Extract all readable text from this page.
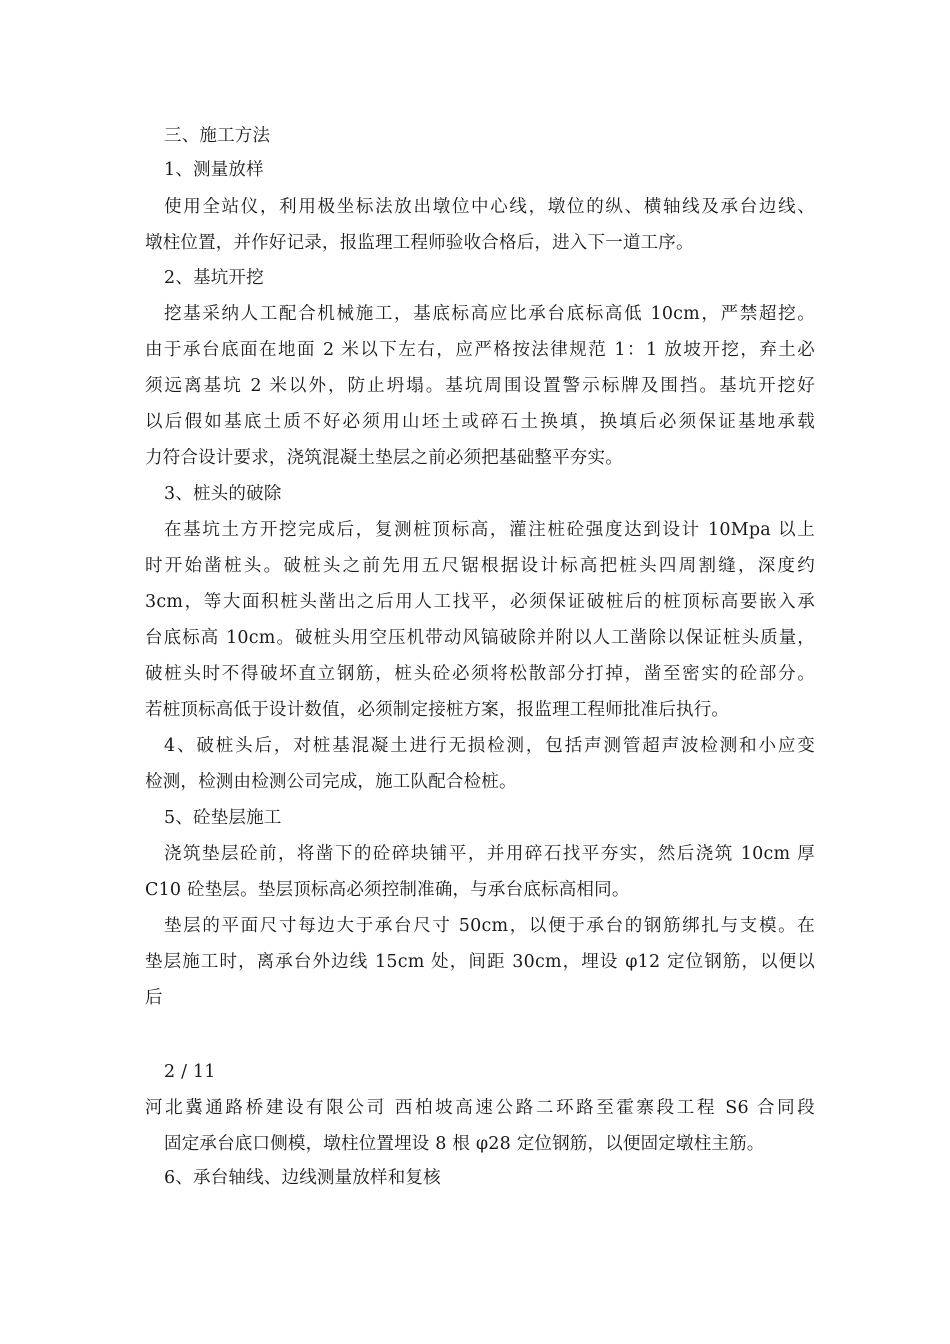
三、施工方法
1、测量放样
使用全站仪，利用极坐标法放出墩位中心线，墩位的纵、横轴线及承台边线、
墩柱位置，并作好记录，报监理工程师验收合格后，进入下一道工序。
2、基坑开挖
挖基采纳人工配合机械施工，基底标高应比承台底标高低 10cm，严禁超挖。
由于承台底面在地面 2 米以下左右，应严格按法律规范 1：1 放坡开挖，弃土必
须远离基坑 2 米以外，防止坍塌。基坑周围设置警示标牌及围挡。基坑开挖好
以后假如基底土质不好必须用山坯土或碎石土换填，换填后必须保证基地承载
力符合设计要求，浇筑混凝土垫层之前必须把基础整平夯实。
3、桩头的破除
在基坑土方开挖完成后，复测桩顶标高，灌注桩砼强度达到设计 10Mpa 以上
时开始凿桩头。破桩头之前先用五尺锯根据设计标高把桩头四周割缝，深度约
3cm，等大面积桩头凿出之后用人工找平，必须保证破桩后的桩顶标高要嵌入承
台底标高 10cm。破桩头用空压机带动风镐破除并附以人工凿除以保证桩头质量，
破桩头时不得破坏直立钢筋，桩头砼必须将松散部分打掉，凿至密实的砼部分。
若桩顶标高低于设计数值，必须制定接桩方案，报监理工程师批准后执行。
4、破桩头后，对桩基混凝土进行无损检测，包括声测管超声波检测和小应变
检测，检测由检测公司完成，施工队配合检桩。
5、砼垫层施工
浇筑垫层砼前，将凿下的砼碎块铺平，并用碎石找平夯实，然后浇筑 10cm 厚
C10 砼垫层。垫层顶标高必须控制准确，与承台底标高相同。
垫层的平面尺寸每边大于承台尺寸 50cm，以便于承台的钢筋绑扎与支模。在
垫层施工时，离承台外边线 15cm 处，间距 30cm，埋设 φ12 定位钢筋，以便以
后
2 / 11
河北冀通路桥建设有限公司 西柏坡高速公路二环路至霍寨段工程 S6 合同段
固定承台底口侧模，墩柱位置埋设 8 根 φ28 定位钢筋，以便固定墩柱主筋。
6、承台轴线、边线测量放样和复核
